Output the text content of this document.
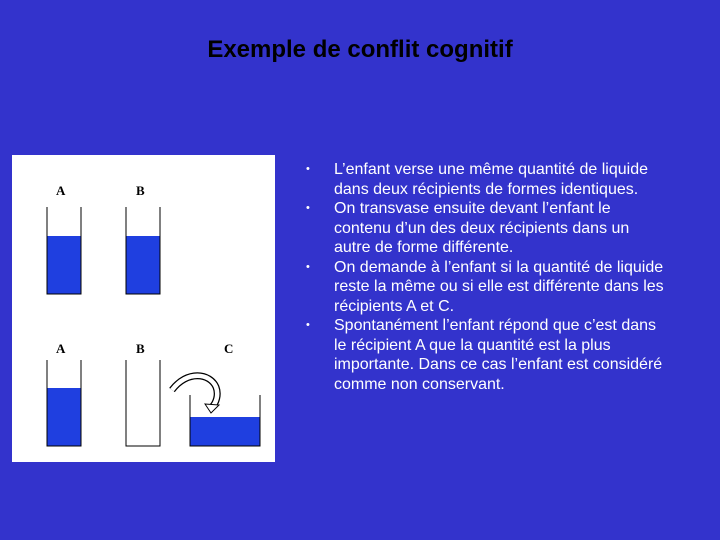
Exemple de conflit cognitif
A	B
A	B	C
• L’enfant verse une même quantité de liquide dans deux récipients de formes identiques.
• On transvase ensuite devant l’enfant le contenu d’un des deux récipients dans un autre de forme différente.
• On demande à l’enfant si la quantité de liquide reste la même ou si elle est différente dans les récipients A et C.
• Spontanément l’enfant répond que c’est dans le récipient A que la quantité est la plus importante. Dans ce cas l’enfant est considéré comme non conservant.
